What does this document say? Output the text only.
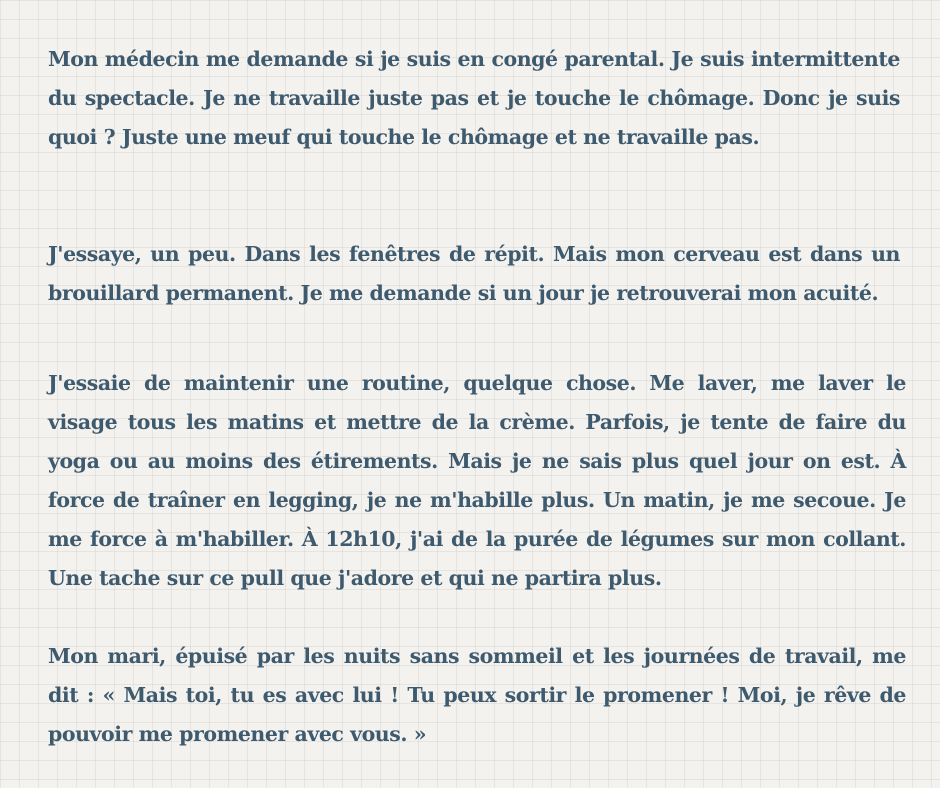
Mon médecin me demande si je suis en congé parental. Je suis intermittente du spectacle. Je ne travaille juste pas et je touche le chômage. Donc je suis quoi ? Juste une meuf qui touche le chômage et ne travaille pas.

J'essaye, un peu. Dans les fenêtres de répit. Mais mon cerveau est dans un brouillard permanent. Je me demande si un jour je retrouverai mon acuité.

J'essaie de maintenir une routine, quelque chose. Me laver, me laver le visage tous les matins et mettre de la crème. Parfois, je tente de faire du yoga ou au moins des étirements. Mais je ne sais plus quel jour on est. À force de traîner en legging, je ne m'habille plus. Un matin, je me secoue. Je me force à m'habiller. À 12h10, j'ai de la purée de légumes sur mon collant. Une tache sur ce pull que j'adore et qui ne partira plus.

Mon mari, épuisé par les nuits sans sommeil et les journées de travail, me dit : « Mais toi, tu es avec lui ! Tu peux sortir le promener ! Moi, je rêve de pouvoir me promener avec vous. »
